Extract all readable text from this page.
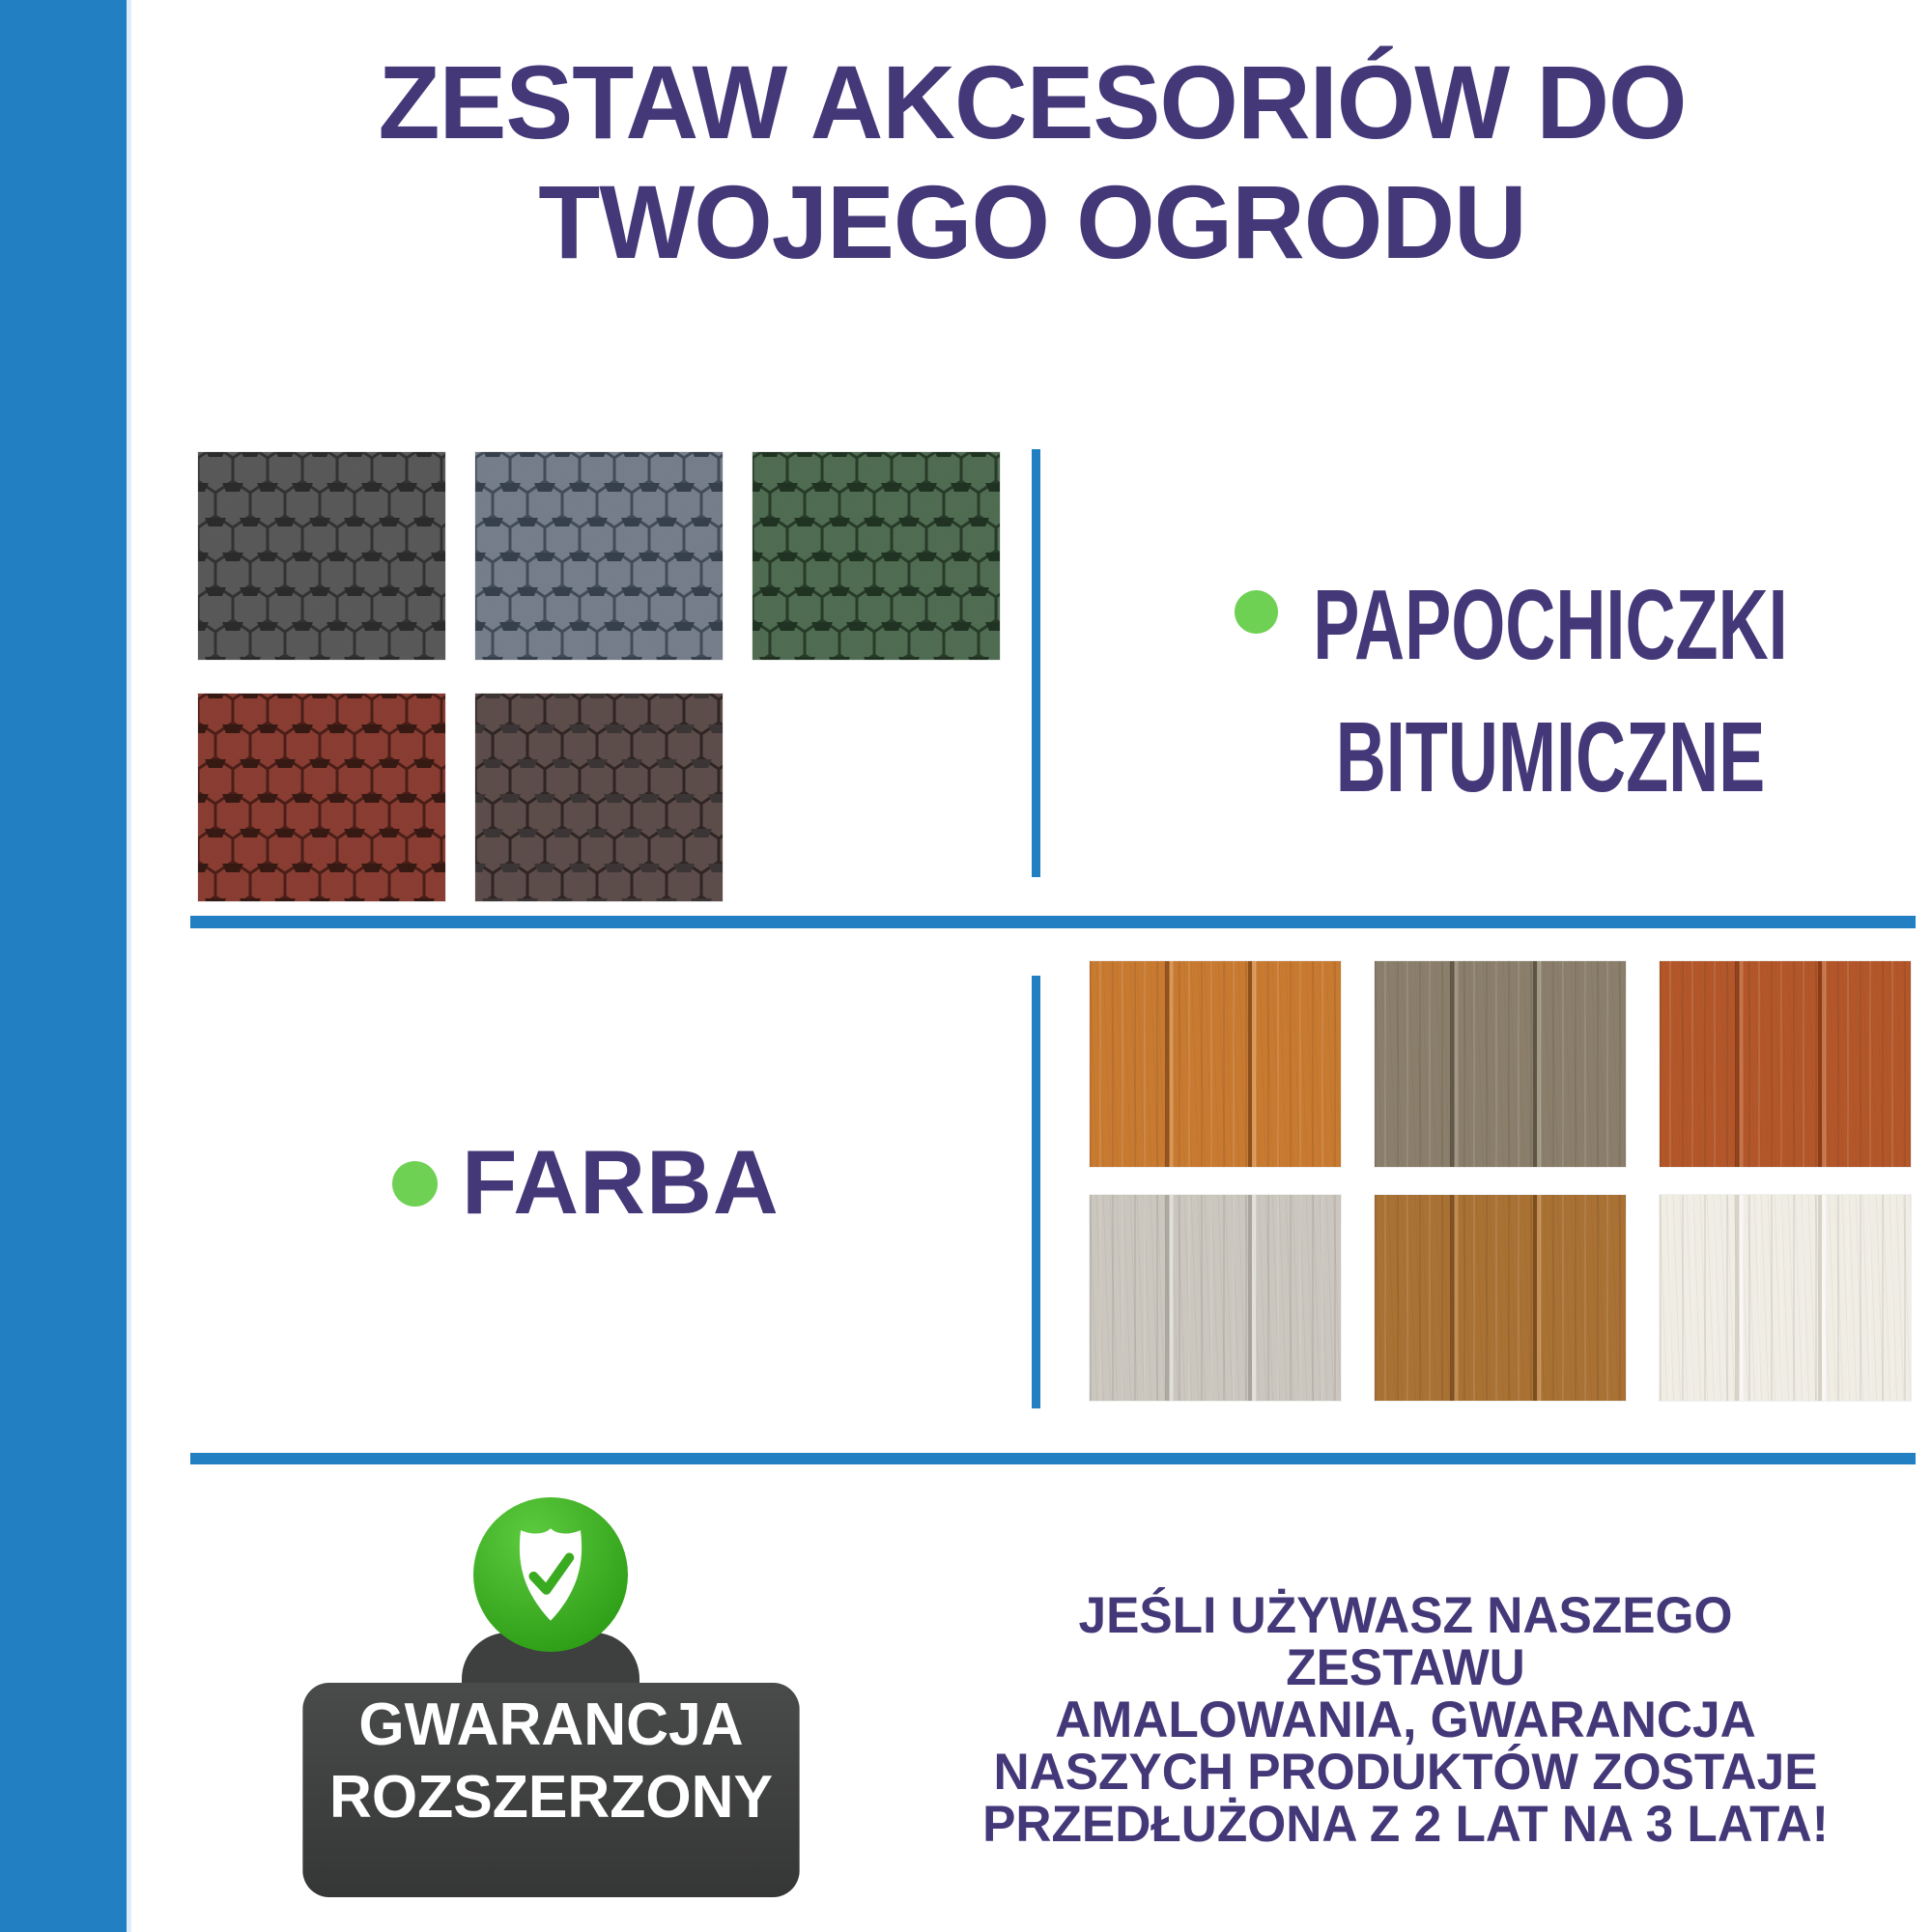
ZESTAW AKCESORIÓW DO
TWOJEGO OGRODU
PAPOCHICZKI
BITUMICZNE
FARBA
GWARANCJA
ROZSZERZONY
JEŚLI UŻYWASZ NASZEGO ZESTAWU
AMALOWANIA, GWARANCJA
NASZYCH PRODUKTÓW ZOSTAJE
PRZEDŁUŻONA Z 2 LAT NA 3 LATA!
